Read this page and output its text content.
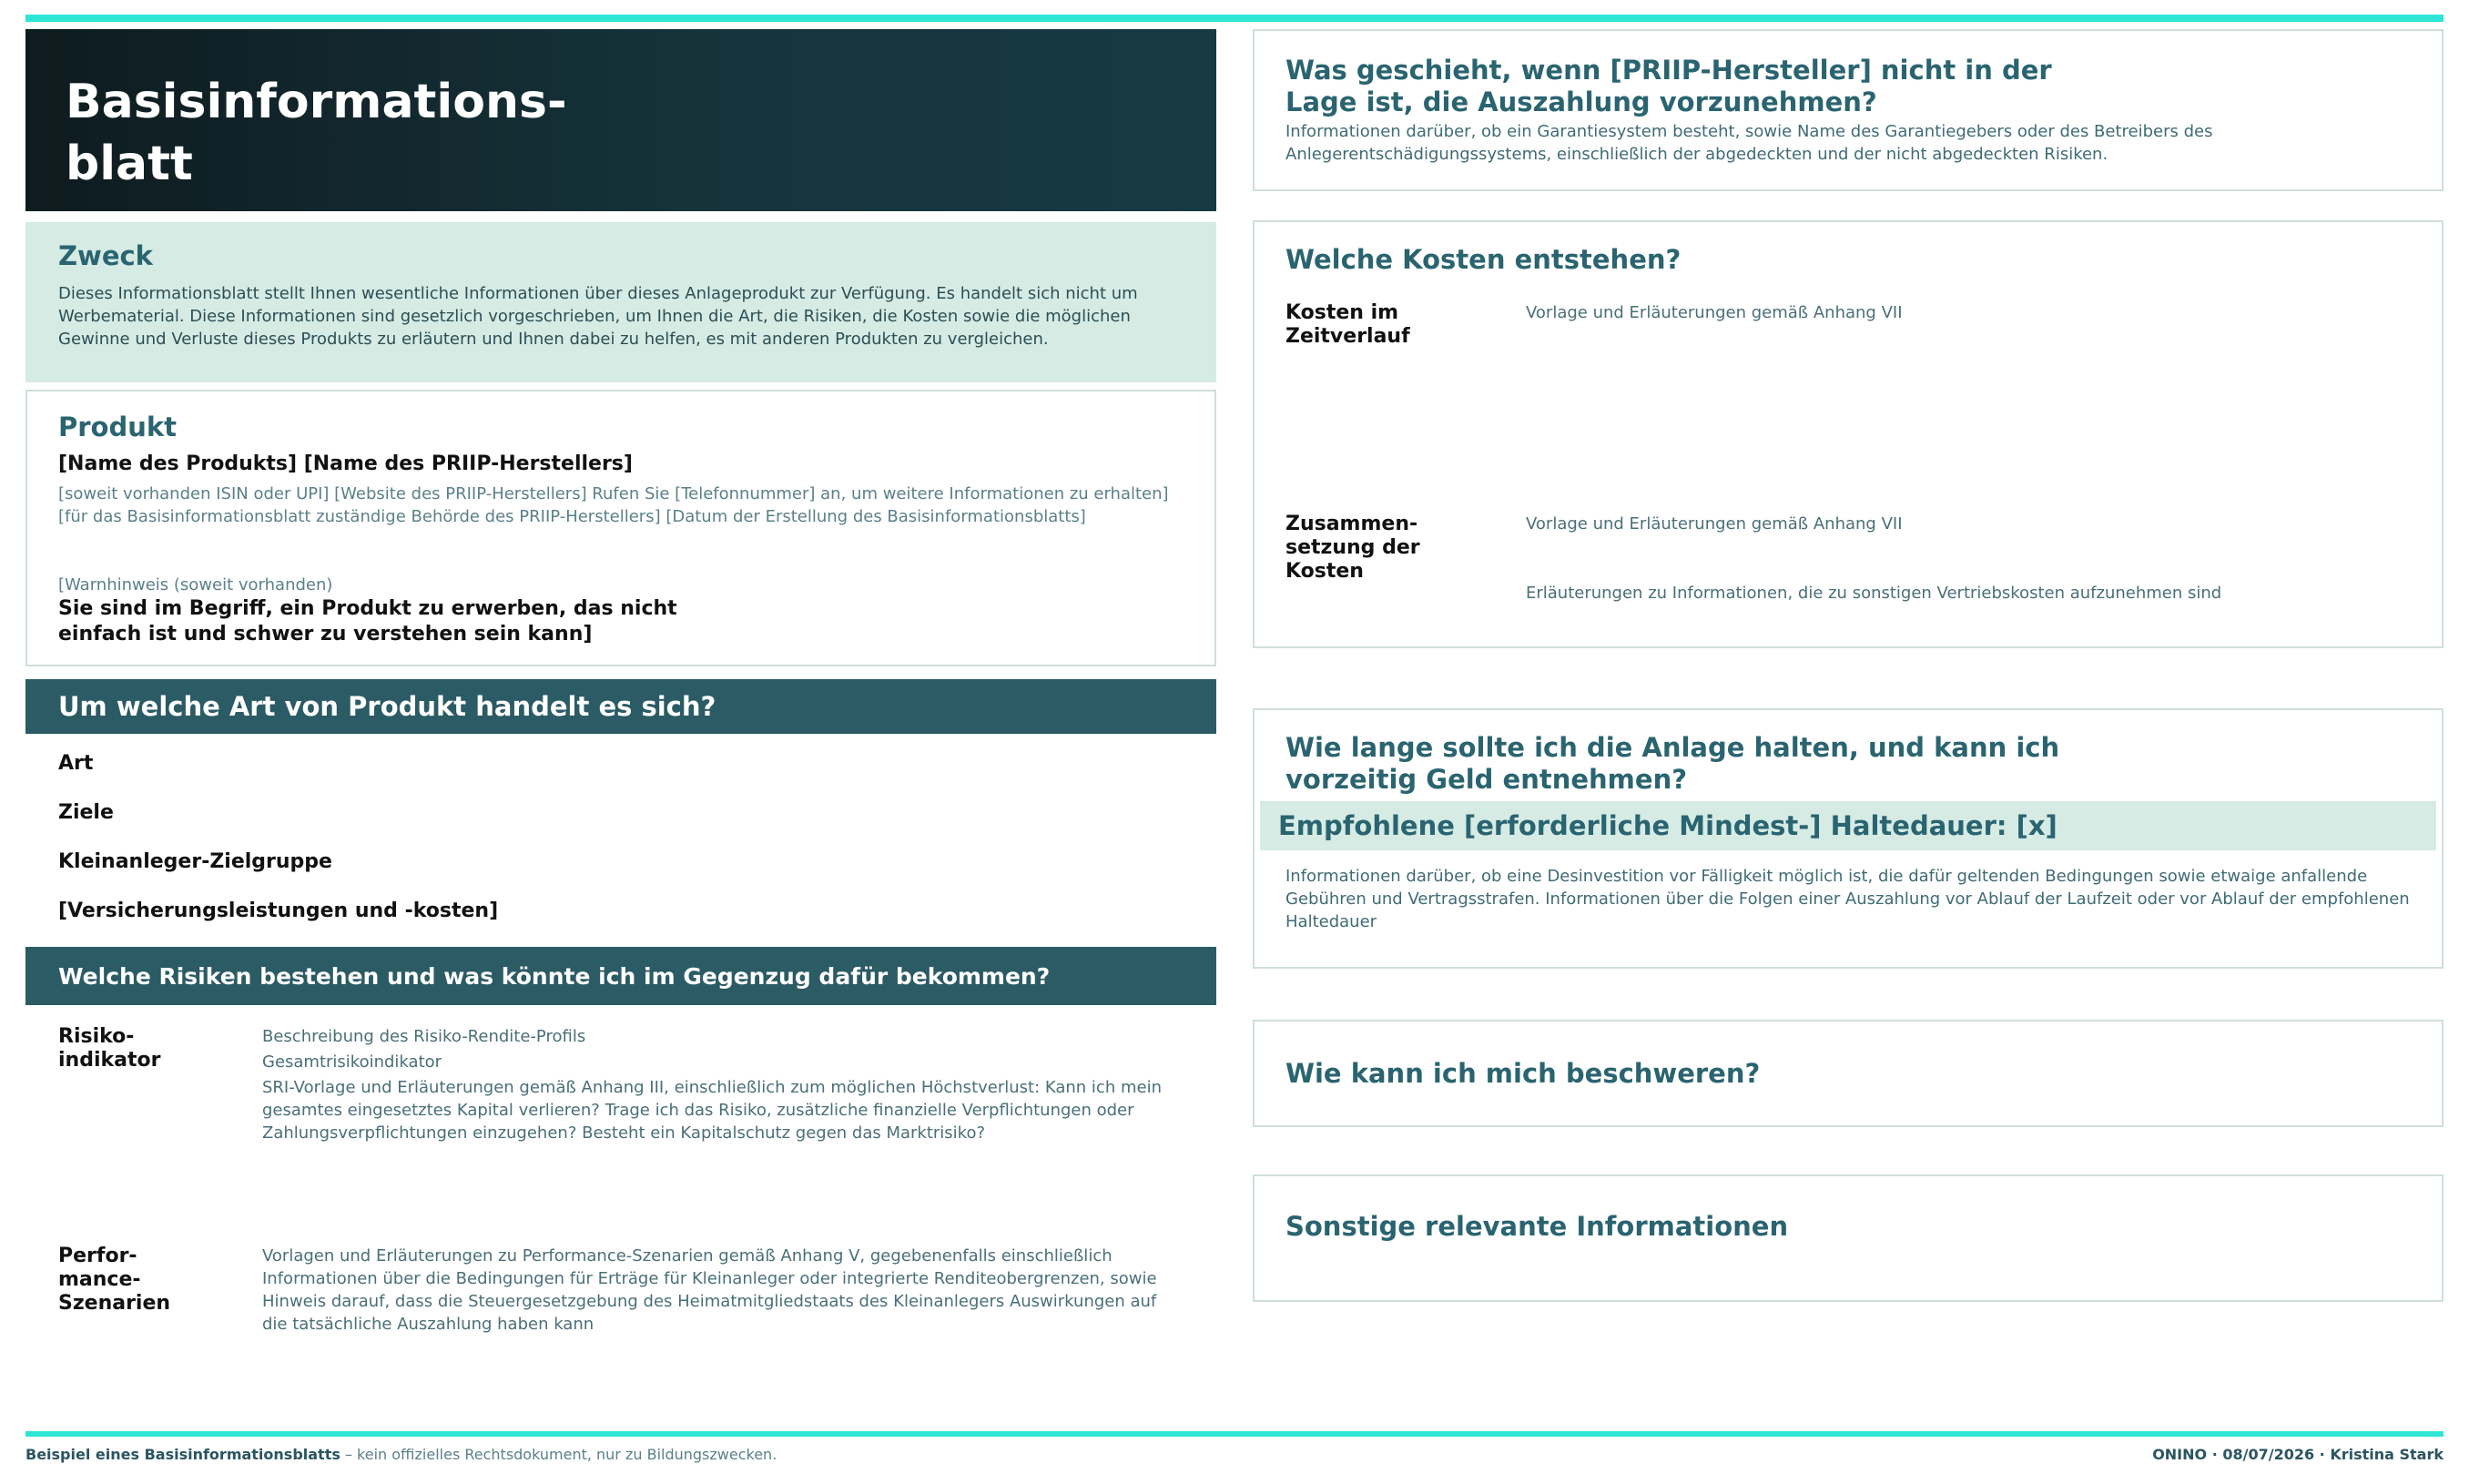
Basisinformations-
blatt
Zweck
Dieses Informationsblatt stellt Ihnen wesentliche Informationen über dieses Anlageprodukt zur Verfügung. Es handelt sich nicht um Werbematerial. Diese Informationen sind gesetzlich vorgeschrieben, um Ihnen die Art, die Risiken, die Kosten sowie die möglichen Gewinne und Verluste dieses Produkts zu erläutern und Ihnen dabei zu helfen, es mit anderen Produkten zu vergleichen.
Produkt
[Name des Produkts] [Name des PRIIP-Herstellers]
[soweit vorhanden ISIN oder UPI] [Website des PRIIP-Herstellers] Rufen Sie [Telefonnummer] an, um weitere Informationen zu erhalten]
[für das Basisinformationsblatt zuständige Behörde des PRIIP-Herstellers] [Datum der Erstellung des Basisinformationsblatts]
[Warnhinweis (soweit vorhanden)
Sie sind im Begriff, ein Produkt zu erwerben, das nicht
einfach ist und schwer zu verstehen sein kann]
Um welche Art von Produkt handelt es sich?
Art
Ziele
Kleinanleger-Zielgruppe
[Versicherungsleistungen und -kosten]
Welche Risiken bestehen und was könnte ich im Gegenzug dafür bekommen?
Risiko-
indikator
Beschreibung des Risiko-Rendite-Profils
Gesamtrisikoindikator
SRI-Vorlage und Erläuterungen gemäß Anhang III, einschließlich zum möglichen Höchstverlust: Kann ich mein gesamtes eingesetztes Kapital verlieren? Trage ich das Risiko, zusätzliche finanzielle Verpflichtungen oder Zahlungsverpflichtungen einzugehen? Besteht ein Kapitalschutz gegen das Marktrisiko?
Perfor-
mance-
Szenarien
Vorlagen und Erläuterungen zu Performance-Szenarien gemäß Anhang V, gegebenenfalls einschließlich Informationen über die Bedingungen für Erträge für Kleinanleger oder integrierte Renditeobergrenzen, sowie Hinweis darauf, dass die Steuergesetzgebung des Heimatmitgliedstaats des Kleinanlegers Auswirkungen auf die tatsächliche Auszahlung haben kann
Was geschieht, wenn [PRIIP-Hersteller] nicht in der
Lage ist, die Auszahlung vorzunehmen?
Informationen darüber, ob ein Garantiesystem besteht, sowie Name des Garantiegebers oder des Betreibers des Anlegerentschädigungssystems, einschließlich der abgedeckten und der nicht abgedeckten Risiken.
Welche Kosten entstehen?
Kosten im
Zeitverlauf
Vorlage und Erläuterungen gemäß Anhang VII
Zusammen-
setzung der
Kosten
Vorlage und Erläuterungen gemäß Anhang VII
Erläuterungen zu Informationen, die zu sonstigen Vertriebskosten aufzunehmen sind
Wie lange sollte ich die Anlage halten, und kann ich
vorzeitig Geld entnehmen?
Empfohlene [erforderliche Mindest-] Haltedauer: [x]
Informationen darüber, ob eine Desinvestition vor Fälligkeit möglich ist, die dafür geltenden Bedingungen sowie etwaige anfallende Gebühren und Vertragsstrafen. Informationen über die Folgen einer Auszahlung vor Ablauf der Laufzeit oder vor Ablauf der empfohlenen Haltedauer
Wie kann ich mich beschweren?
Sonstige relevante Informationen
Beispiel eines Basisinformationsblatts – kein offizielles Rechtsdokument, nur zu Bildungszwecken.	ONINO · 08/07/2026 · Kristina Stark
